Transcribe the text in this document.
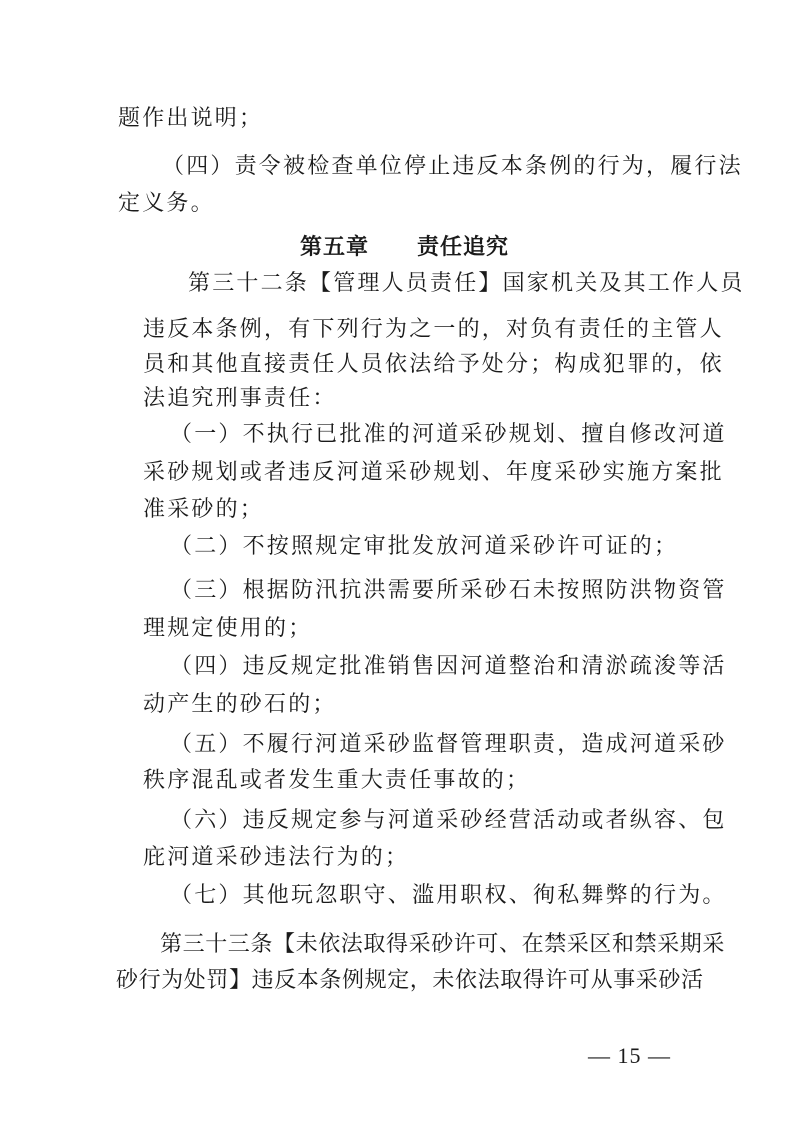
题作出说明；
（四）责令被检查单位停止违反本条例的行为，履行法
定义务。
第五章 责任追究
第三十二条【管理人员责任】国家机关及其工作人员
违反本条例，有下列行为之一的，对负有责任的主管人
员和其他直接责任人员依法给予处分；构成犯罪的，依
法追究刑事责任：
（一）不执行已批准的河道采砂规划、擅自修改河道
采砂规划或者违反河道采砂规划、年度采砂实施方案批
准采砂的；
（二）不按照规定审批发放河道采砂许可证的；
（三）根据防汛抗洪需要所采砂石未按照防洪物资管
理规定使用的；
（四）违反规定批准销售因河道整治和清淤疏浚等活
动产生的砂石的；
（五）不履行河道采砂监督管理职责，造成河道采砂
秩序混乱或者发生重大责任事故的；
（六）违反规定参与河道采砂经营活动或者纵容、包
庇河道采砂违法行为的；
（七）其他玩忽职守、滥用职权、徇私舞弊的行为。
第三十三条【未依法取得采砂许可、在禁采区和禁采期采
砂行为处罚】违反本条例规定，未依法取得许可从事采砂活
— 15 —
